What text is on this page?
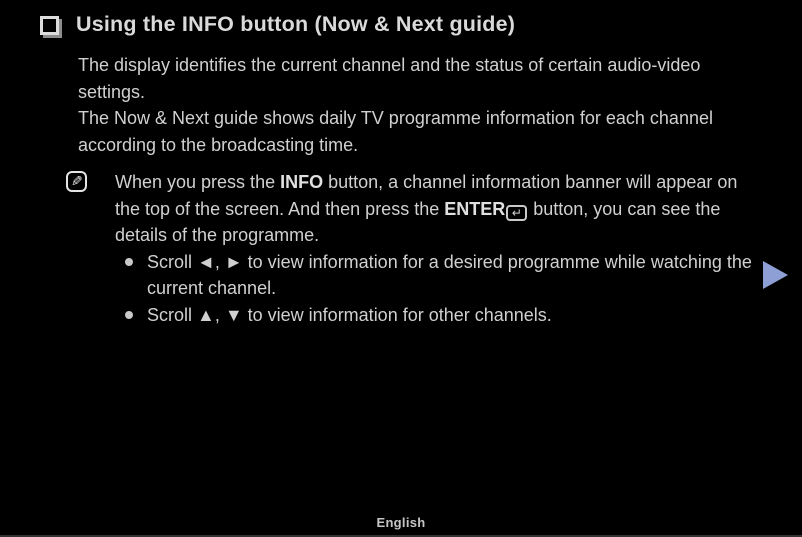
Using the INFO button (Now & Next guide)

The display identifies the current channel and the status of certain audio-video settings.

The Now & Next guide shows daily TV programme information for each channel according to the broadcasting time.

✎ When you press the INFO button, a channel information banner will appear on the top of the screen. And then press the ENTER ↵ button, you can see the details of the programme.
Scroll ◄, ► to view information for a desired programme while watching the current channel.
Scroll ▲, ▼ to view information for other channels.
English
